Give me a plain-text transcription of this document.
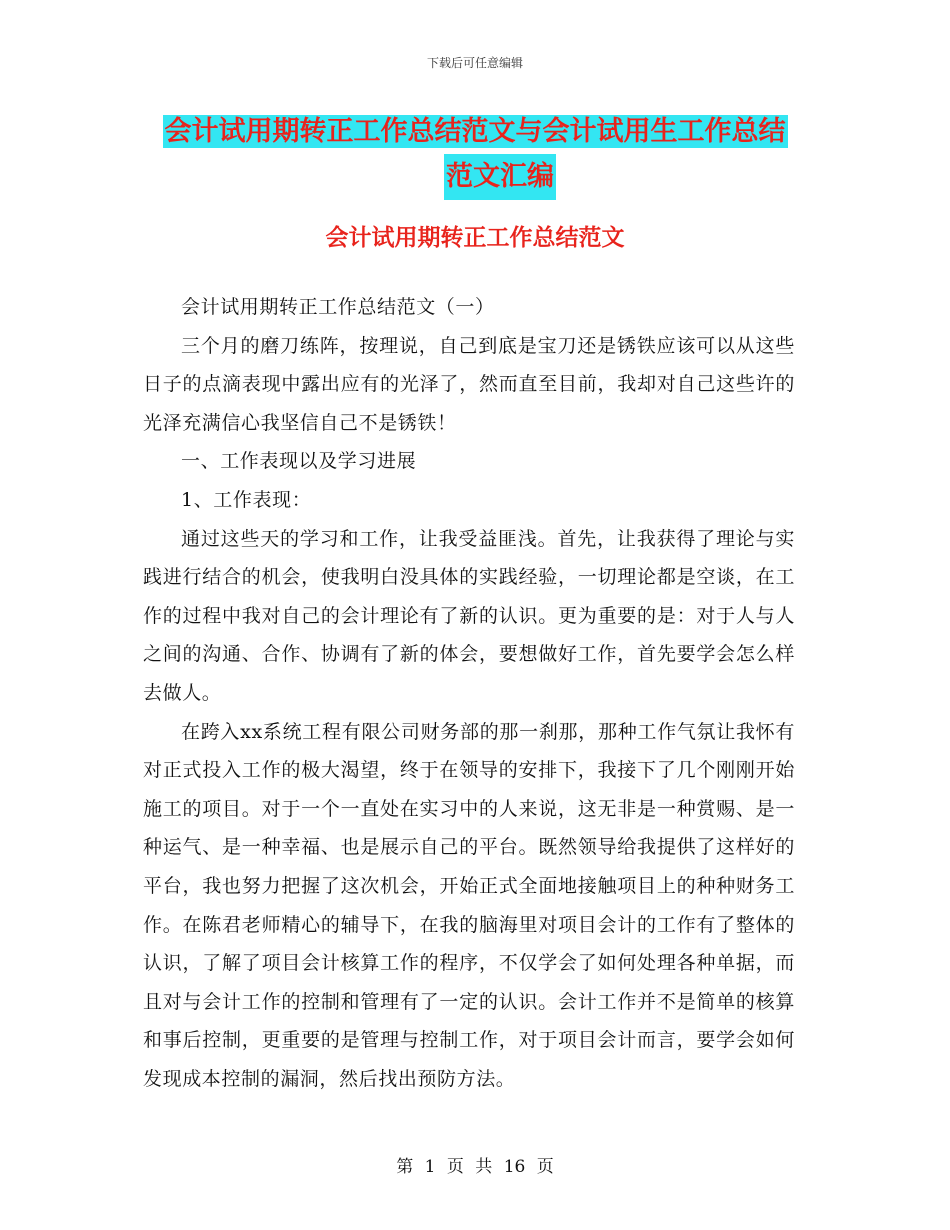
下载后可任意编辑
会计试用期转正工作总结范文与会计试用生工作总结
范文汇编
会计试用期转正工作总结范文

会计试用期转正工作总结范文（一）

三个月的磨刀练阵，按理说，自己到底是宝刀还是锈铁应该可以从这些日子的点滴表现中露出应有的光泽了，然而直至目前，我却对自己这些许的光泽充满信心我坚信自己不是锈铁！

一、工作表现以及学习进展

1、工作表现：

通过这些天的学习和工作，让我受益匪浅。首先，让我获得了理论与实践进行结合的机会，使我明白没具体的实践经验，一切理论都是空谈，在工作的过程中我对自己的会计理论有了新的认识。更为重要的是：对于人与人之间的沟通、合作、协调有了新的体会，要想做好工作，首先要学会怎么样去做人。

在跨入xx系统工程有限公司财务部的那一刹那，那种工作气氛让我怀有对正式投入工作的极大渴望，终于在领导的安排下，我接下了几个刚刚开始施工的项目。对于一个一直处在实习中的人来说，这无非是一种赏赐、是一种运气、是一种幸福、也是展示自己的平台。既然领导给我提供了这样好的平台，我也努力把握了这次机会，开始正式全面地接触项目上的种种财务工作。在陈君老师精心的辅导下，在我的脑海里对项目会计的工作有了整体的认识，了解了项目会计核算工作的程序，不仅学会了如何处理各种单据，而且对与会计工作的控制和管理有了一定的认识。会计工作并不是简单的核算和事后控制，更重要的是管理与控制工作，对于项目会计而言，要学会如何发现成本控制的漏洞，然后找出预防方法。

第 1 页 共 16 页
